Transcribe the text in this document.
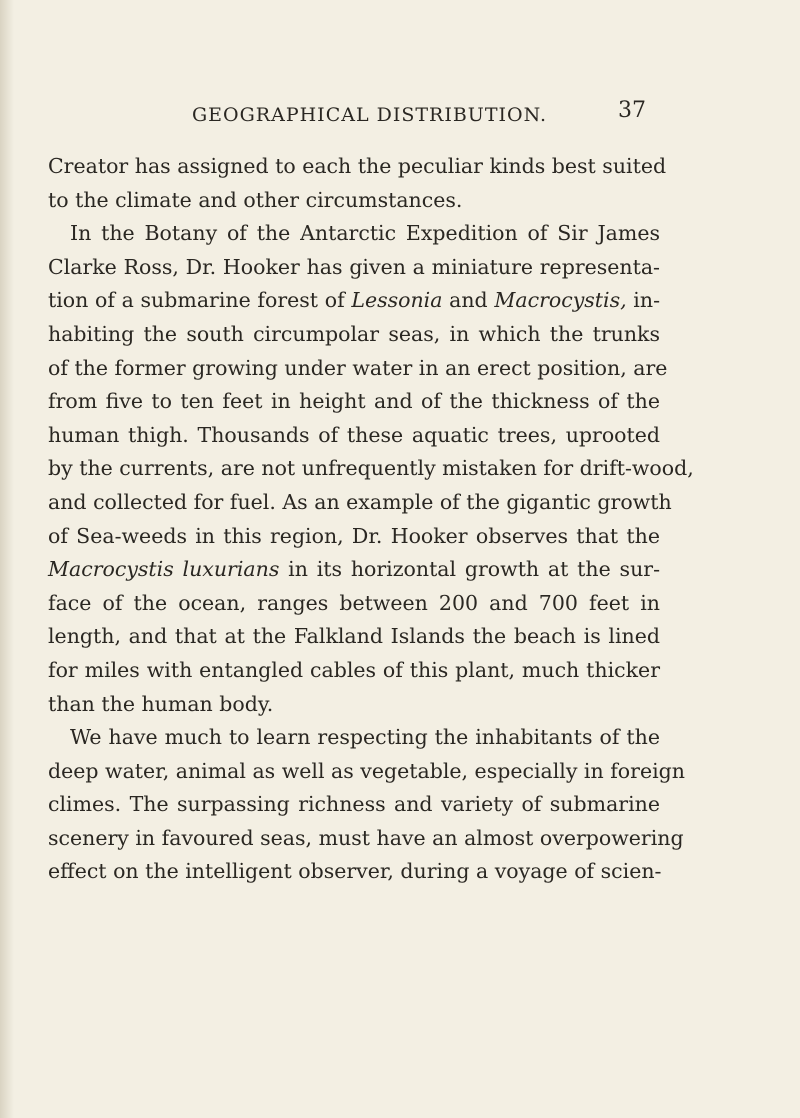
GEOGRAPHICAL DISTRIBUTION.	37
Creator has assigned to each the peculiar kinds best suited
to the climate and other circumstances.
In the Botany of the Antarctic Expedition of Sir James
Clarke Ross, Dr. Hooker has given a miniature representa-
tion of a submarine forest of Lessonia and Macrocystis, in-
habiting the south circumpolar seas, in which the trunks
of the former growing under water in an erect position, are
from five to ten feet in height and of the thickness of the
human thigh. Thousands of these aquatic trees, uprooted
by the currents, are not unfrequently mistaken for drift-wood,
and collected for fuel. As an example of the gigantic growth
of Sea-weeds in this region, Dr. Hooker observes that the
Macrocystis luxurians in its horizontal growth at the sur-
face of the ocean, ranges between 200 and 700 feet in
length, and that at the Falkland Islands the beach is lined
for miles with entangled cables of this plant, much thicker
than the human body.
We have much to learn respecting the inhabitants of the
deep water, animal as well as vegetable, especially in foreign
climes. The surpassing richness and variety of submarine
scenery in favoured seas, must have an almost overpowering
effect on the intelligent observer, during a voyage of scien-
